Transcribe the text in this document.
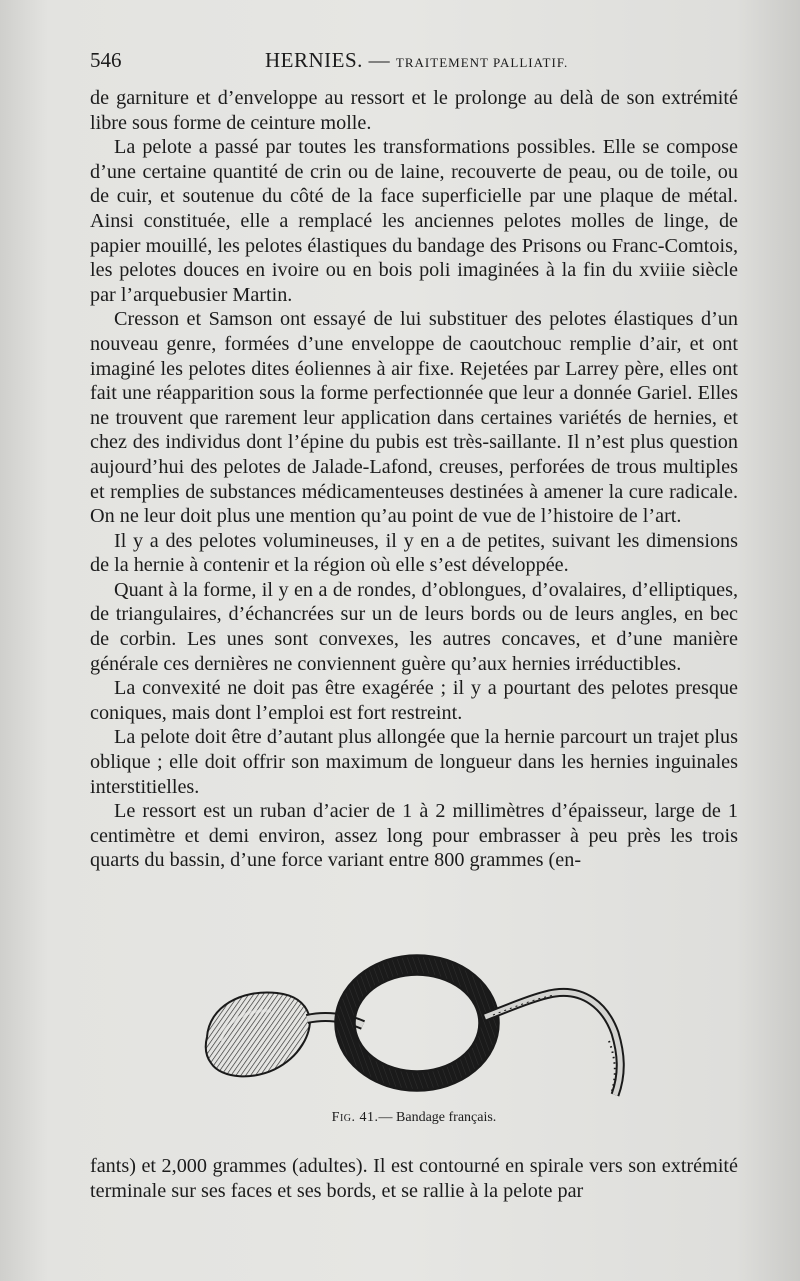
546	HERNIES. — TRAITEMENT PALLIATIF.

de garniture et d’enveloppe au ressort et le prolonge au delà de son extrémité libre sous forme de ceinture molle.

La pelote a passé par toutes les transformations possibles. Elle se compose d’une certaine quantité de crin ou de laine, recouverte de peau, ou de toile, ou de cuir, et soutenue du côté de la face superficielle par une plaque de métal. Ainsi constituée, elle a remplacé les anciennes pelotes molles de linge, de papier mouillé, les pelotes élastiques du bandage des Prisons ou Franc-Comtois, les pelotes douces en ivoire ou en bois poli imaginées à la fin du xviiie siècle par l’arquebusier Martin.

Cresson et Samson ont essayé de lui substituer des pelotes élastiques d’un nouveau genre, formées d’une enveloppe de caoutchouc remplie d’air, et ont imaginé les pelotes dites éoliennes à air fixe. Rejetées par Larrey père, elles ont fait une réapparition sous la forme perfectionnée que leur a donnée Gariel. Elles ne trouvent que rarement leur application dans certaines variétés de hernies, et chez des individus dont l’épine du pubis est très-saillante. Il n’est plus question aujourd’hui des pelotes de Jalade-Lafond, creuses, perforées de trous multiples et remplies de substances médicamenteuses destinées à amener la cure radicale. On ne leur doit plus une mention qu’au point de vue de l’histoire de l’art.

Il y a des pelotes volumineuses, il y en a de petites, suivant les dimensions de la hernie à contenir et la région où elle s’est développée.

Quant à la forme, il y en a de rondes, d’oblongues, d’ovalaires, d’elliptiques, de triangulaires, d’échancrées sur un de leurs bords ou de leurs angles, en bec de corbin. Les unes sont convexes, les autres concaves, et d’une manière générale ces dernières ne conviennent guère qu’aux hernies irréductibles.

La convexité ne doit pas être exagérée ; il y a pourtant des pelotes presque coniques, mais dont l’emploi est fort restreint.

La pelote doit être d’autant plus allongée que la hernie parcourt un trajet plus oblique ; elle doit offrir son maximum de longueur dans les hernies inguinales interstitielles.

Le ressort est un ruban d’acier de 1 à 2 millimètres d’épaisseur, large de 1 centimètre et demi environ, assez long pour embrasser à peu près les trois quarts du bassin, d’une force variant entre 800 grammes (en-

Fig. 41.— Bandage français.

fants) et 2,000 grammes (adultes). Il est contourné en spirale vers son extrémité terminale sur ses faces et ses bords, et se rallie à la pelote par
